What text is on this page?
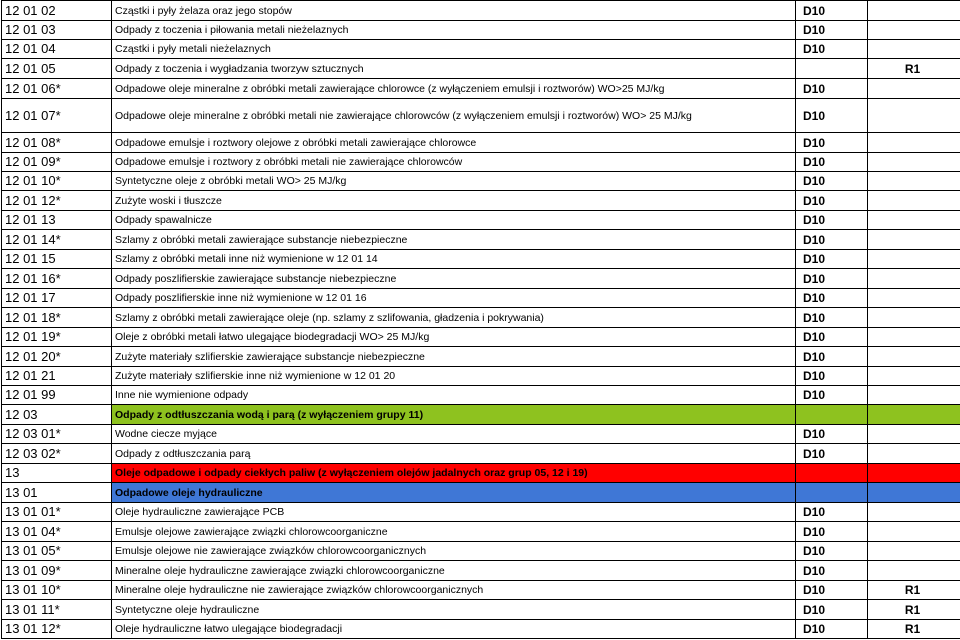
12 01 02	Cząstki i pyły żelaza oraz jego stopów	D10	
12 01 03	Odpady z toczenia i piłowania metali nieżelaznych	D10	
12 01 04	Cząstki i pyły metali nieżelaznych	D10	
12 01 05	Odpady z toczenia i wygładzania tworzyw sztucznych		R1
12 01 06*	Odpadowe oleje mineralne z obróbki metali zawierające chlorowce (z wyłączeniem emulsji i roztworów) WO>25 MJ/kg	D10	
12 01 07*	Odpadowe oleje mineralne z obróbki metali nie zawierające chlorowców (z wyłączeniem emulsji i roztworów) WO> 25 MJ/kg	D10	
12 01 08*	Odpadowe emulsje i roztwory olejowe z obróbki metali zawierające chlorowce	D10	
12 01 09*	Odpadowe emulsje i roztwory z obróbki metali nie zawierające chlorowców	D10	
12 01 10*	Syntetyczne oleje z obróbki metali WO> 25 MJ/kg	D10	
12 01 12*	Zużyte woski i tłuszcze	D10	
12 01 13	Odpady spawalnicze	D10	
12 01 14*	Szlamy z obróbki metali zawierające substancje niebezpieczne	D10	
12 01 15	Szlamy z obróbki metali inne niż wymienione w 12 01 14	D10	
12 01 16*	Odpady poszlifierskie zawierające substancje niebezpieczne	D10	
12 01 17	Odpady poszlifierskie inne niż wymienione w 12 01 16	D10	
12 01 18*	Szlamy z obróbki metali zawierające oleje (np. szlamy z szlifowania, gładzenia i pokrywania)	D10	
12 01 19*	Oleje z obróbki metali łatwo ulegające biodegradacji WO> 25 MJ/kg	D10	
12 01 20*	Zużyte materiały szlifierskie zawierające substancje niebezpieczne	D10	
12 01 21	Zużyte materiały szlifierskie inne niż wymienione w 12 01 20	D10	
12 01 99	Inne nie wymienione odpady	D10	
12 03	Odpady z odtłuszczania wodą i parą (z wyłączeniem grupy 11)		
12 03 01*	Wodne ciecze myjące	D10	
12 03 02*	Odpady z odtłuszczania parą	D10	
13	Oleje odpadowe i odpady ciekłych paliw (z wyłączeniem olejów jadalnych oraz grup 05, 12 i 19)		
13 01	Odpadowe oleje hydrauliczne		
13 01 01*	Oleje hydrauliczne zawierające PCB	D10	
13 01 04*	Emulsje olejowe zawierające związki chlorowcoorganiczne	D10	
13 01 05*	Emulsje olejowe nie zawierające związków chlorowcoorganicznych	D10	
13 01 09*	Mineralne oleje hydrauliczne zawierające związki chlorowcoorganiczne	D10	
13 01 10*	Mineralne oleje hydrauliczne nie zawierające związków chlorowcoorganicznych	D10	R1
13 01 11*	Syntetyczne oleje hydrauliczne	D10	R1
13 01 12*	Oleje hydrauliczne łatwo ulegające biodegradacji	D10	R1
